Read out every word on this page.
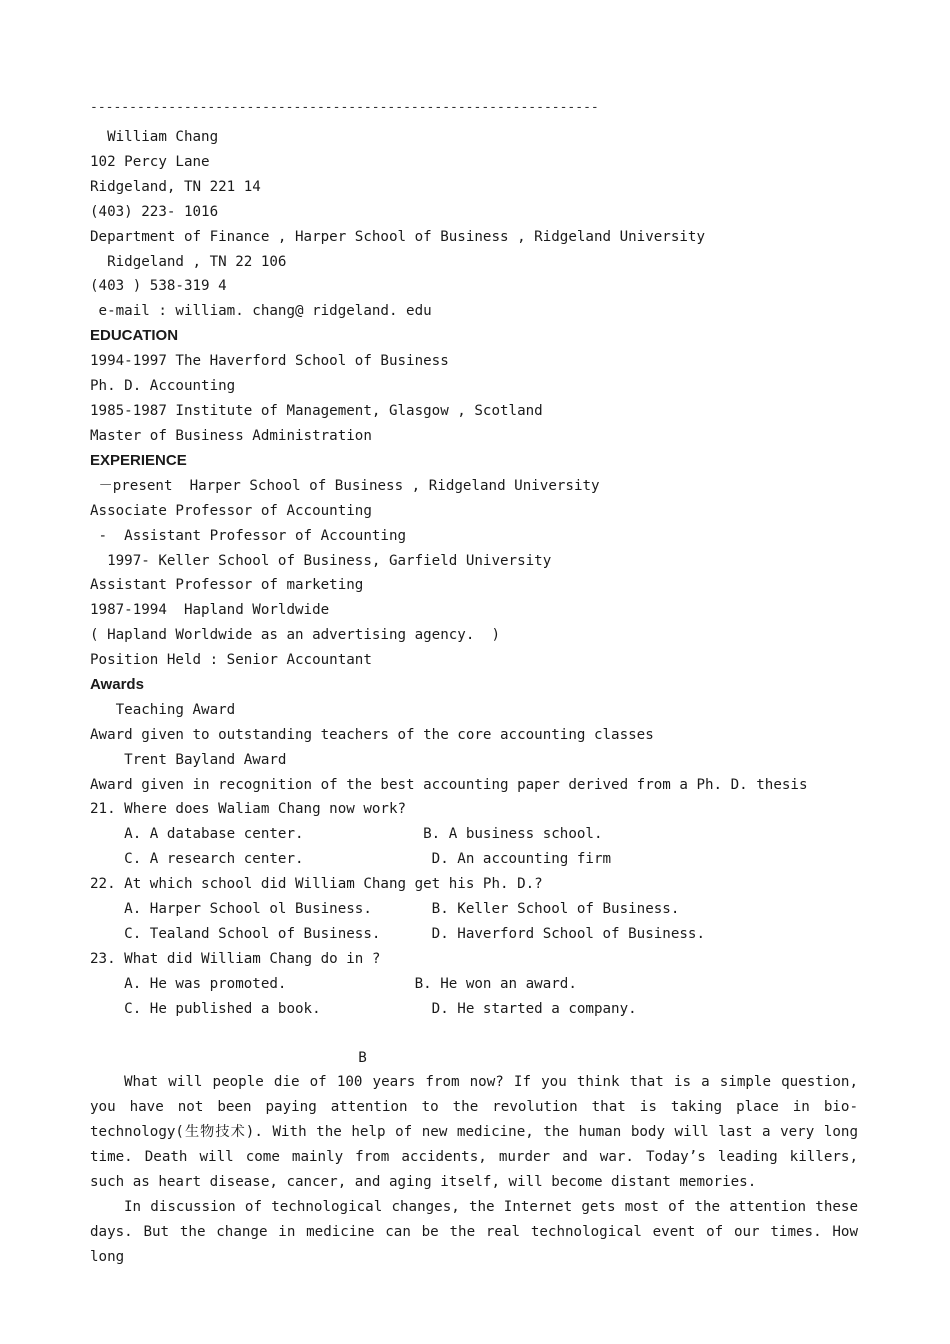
-----------------------------------------------------------------
William Chang
102 Percy Lane
Ridgeland, TN 221 14
(403) 223- 1016
Department of Finance , Harper School of Business , Ridgeland University
Ridgeland , TN 22 106
(403 ) 538-319 4
e-mail : william. chang@ ridgeland. edu
EDUCATION
1994-1997 The Haverford School of Business
Ph. D. Accounting
1985-1987 Institute of Management, Glasgow , Scotland
Master of Business Administration
EXPERIENCE
－present  Harper School of Business , Ridgeland University
Associate Professor of Accounting
-  Assistant Professor of Accounting
1997- Keller School of Business, Garfield University
Assistant Professor of marketing
1987-1994  Hapland Worldwide
( Hapland Worldwide as an advertising agency.  )
Position Held : Senior Accountant
Awards
Teaching Award
Award given to outstanding teachers of the core accounting classes
Trent Bayland Award
Award given in recognition of the best accounting paper derived from a Ph. D. thesis
21. Where does Waliam Chang now work?
A. A database center.              B. A business school.
C. A research center.               D. An accounting firm
22. At which school did William Chang get his Ph. D.?
A. Harper School ol Business.       B. Keller School of Business.
C. Tealand School of Business.      D. Haverford School of Business.
23. What did William Chang do in ?
A. He was promoted.               B. He won an award.
C. He published a book.             D. He started a company.
B
What will people die of 100 years from now? If you think that is a simple question, you have not been paying attention to the revolution that is taking place in bio-technology(生物技术). With the help of new medicine, the human body will last a very long time. Death will come mainly from accidents, murder and war. Today’s leading killers, such as heart disease, cancer, and aging itself, will become distant memories.
In discussion of technological changes, the Internet gets most of the attention these days. But the change in medicine can be the real technological event of our times. How long
